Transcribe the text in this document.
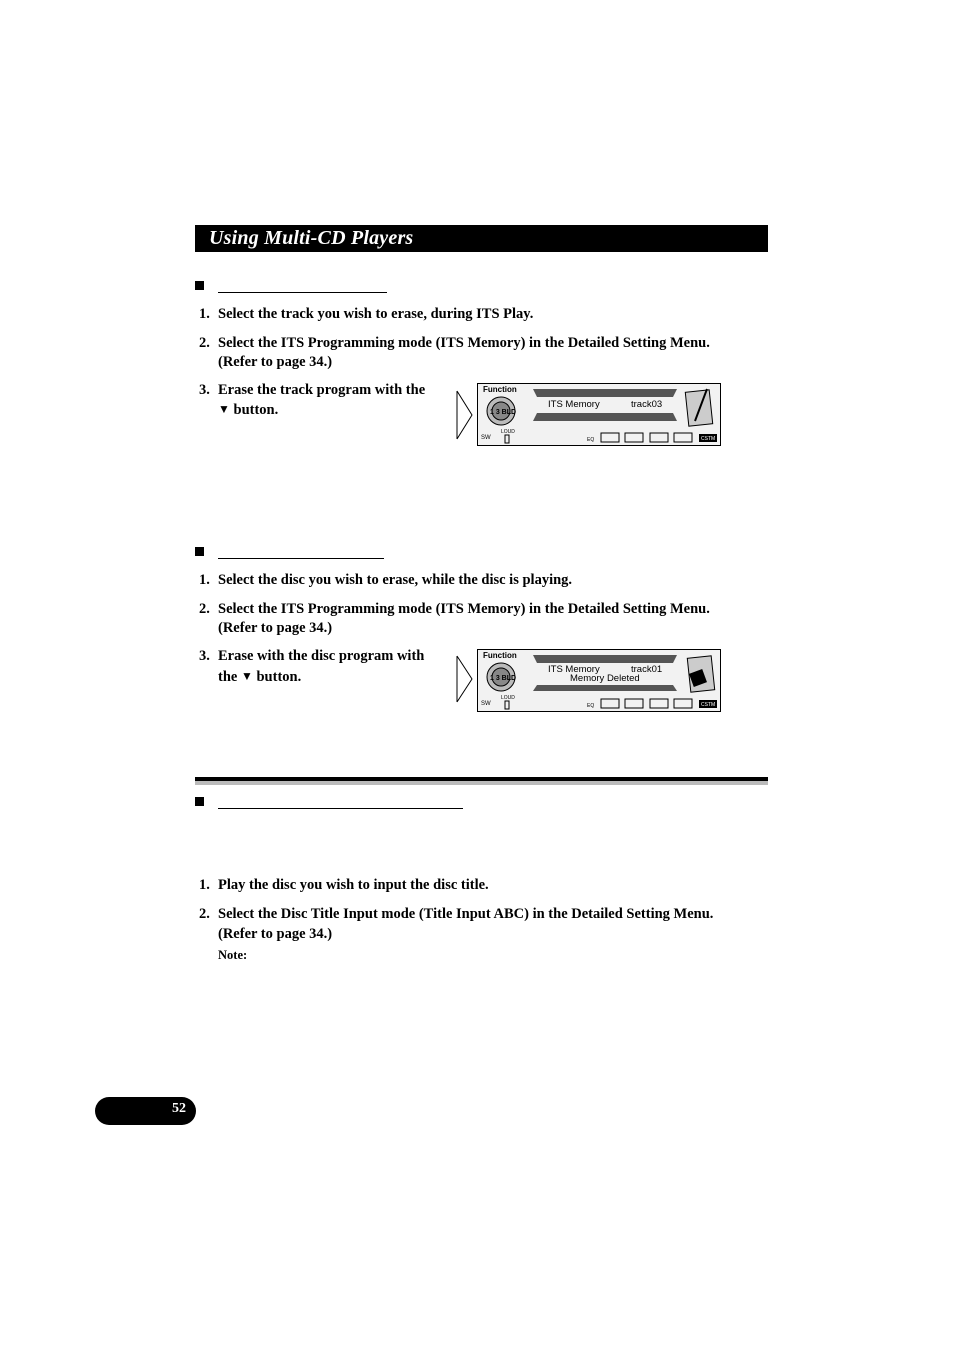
Using Multi-CD Players
1. Select the track you wish to erase, during ITS Play.
2. Select the ITS Programming mode (ITS Memory) in the Detailed Setting Menu.
(Refer to page 34.)
3. Erase the track program with the
▼ button.
Function
1 3 BLD
ITS Memory	track03
SW
LOUD
EQ	CSTM
1. Select the disc you wish to erase, while the disc is playing.
2. Select the ITS Programming mode (ITS Memory) in the Detailed Setting Menu.
(Refer to page 34.)
3. Erase with the disc program with
the ▼ button.
Function
1 3 BLD
ITS Memory	track01
Memory Deleted
SW
LOUD
EQ	CSTM
1. Play the disc you wish to input the disc title.
2. Select the Disc Title Input mode (Title Input ABC) in the Detailed Setting Menu.
(Refer to page 34.)
Note:
52
